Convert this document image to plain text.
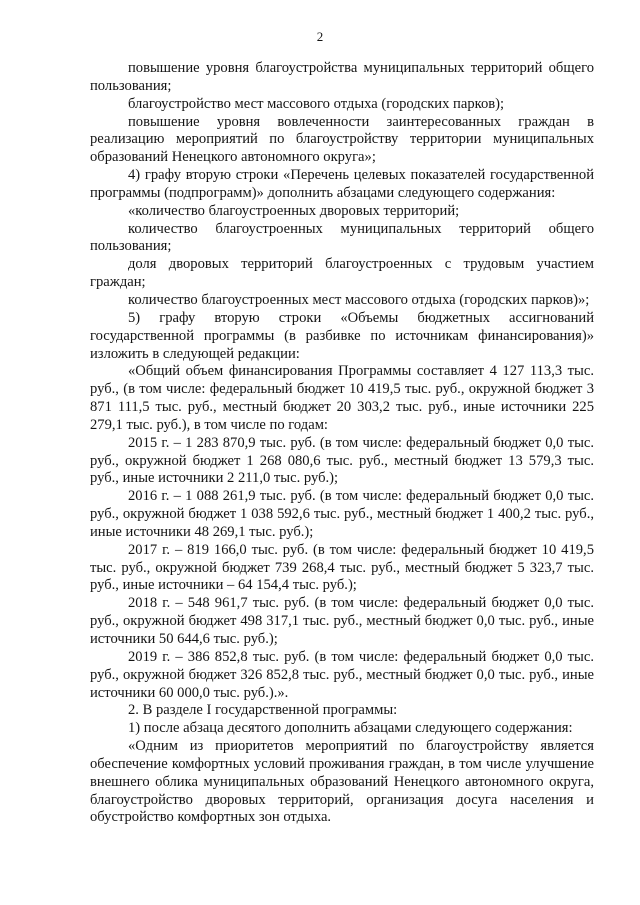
2

повышение уровня благоустройства муниципальных территорий общего пользования;

благоустройство мест массового отдыха (городских парков);

повышение уровня вовлеченности заинтересованных граждан в реализацию мероприятий по благоустройству территории муниципальных образований Ненецкого автономного округа»;

4) графу вторую строки «Перечень целевых показателей государственной программы (подпрограмм)» дополнить абзацами следующего содержания:

«количество благоустроенных дворовых территорий;

количество благоустроенных муниципальных территорий общего пользования;

доля дворовых территорий благоустроенных с трудовым участием граждан;

количество благоустроенных мест массового отдыха (городских парков)»;

5) графу вторую строки «Объемы бюджетных ассигнований государственной программы (в разбивке по источникам финансирования)» изложить в следующей редакции:

«Общий объем финансирования Программы составляет 4 127 113,3 тыс. руб., (в том числе: федеральный бюджет 10 419,5 тыс. руб., окружной бюджет 3 871 111,5 тыс. руб., местный бюджет 20 303,2 тыс. руб., иные источники 225 279,1 тыс. руб.), в том числе по годам:

2015 г. – 1 283 870,9 тыс. руб. (в том числе: федеральный бюджет 0,0 тыс. руб., окружной бюджет 1 268 080,6 тыс. руб., местный бюджет 13 579,3 тыс. руб., иные источники 2 211,0 тыс. руб.);

2016 г. – 1 088 261,9 тыс. руб. (в том числе: федеральный бюджет 0,0 тыс. руб., окружной бюджет 1 038 592,6 тыс. руб., местный бюджет 1 400,2 тыс. руб., иные источники 48 269,1 тыс. руб.);

2017 г. – 819 166,0 тыс. руб. (в том числе: федеральный бюджет 10 419,5 тыс. руб., окружной бюджет 739 268,4 тыс. руб., местный бюджет 5 323,7 тыс. руб., иные источники – 64 154,4 тыс. руб.);

2018 г. – 548 961,7 тыс. руб. (в том числе: федеральный бюджет 0,0 тыс. руб., окружной бюджет 498 317,1 тыс. руб., местный бюджет 0,0 тыс. руб., иные источники 50 644,6 тыс. руб.);

2019 г. – 386 852,8 тыс. руб. (в том числе: федеральный бюджет 0,0 тыс. руб., окружной бюджет 326 852,8 тыс. руб., местный бюджет 0,0 тыс. руб., иные источники 60 000,0 тыс. руб.).».

2. В разделе I государственной программы:

1) после абзаца десятого дополнить абзацами следующего содержания:

«Одним из приоритетов мероприятий по благоустройству является обеспечение комфортных условий проживания граждан, в том числе улучшение внешнего облика муниципальных образований Ненецкого автономного округа, благоустройство дворовых территорий, организация досуга населения и обустройство комфортных зон отдыха.
